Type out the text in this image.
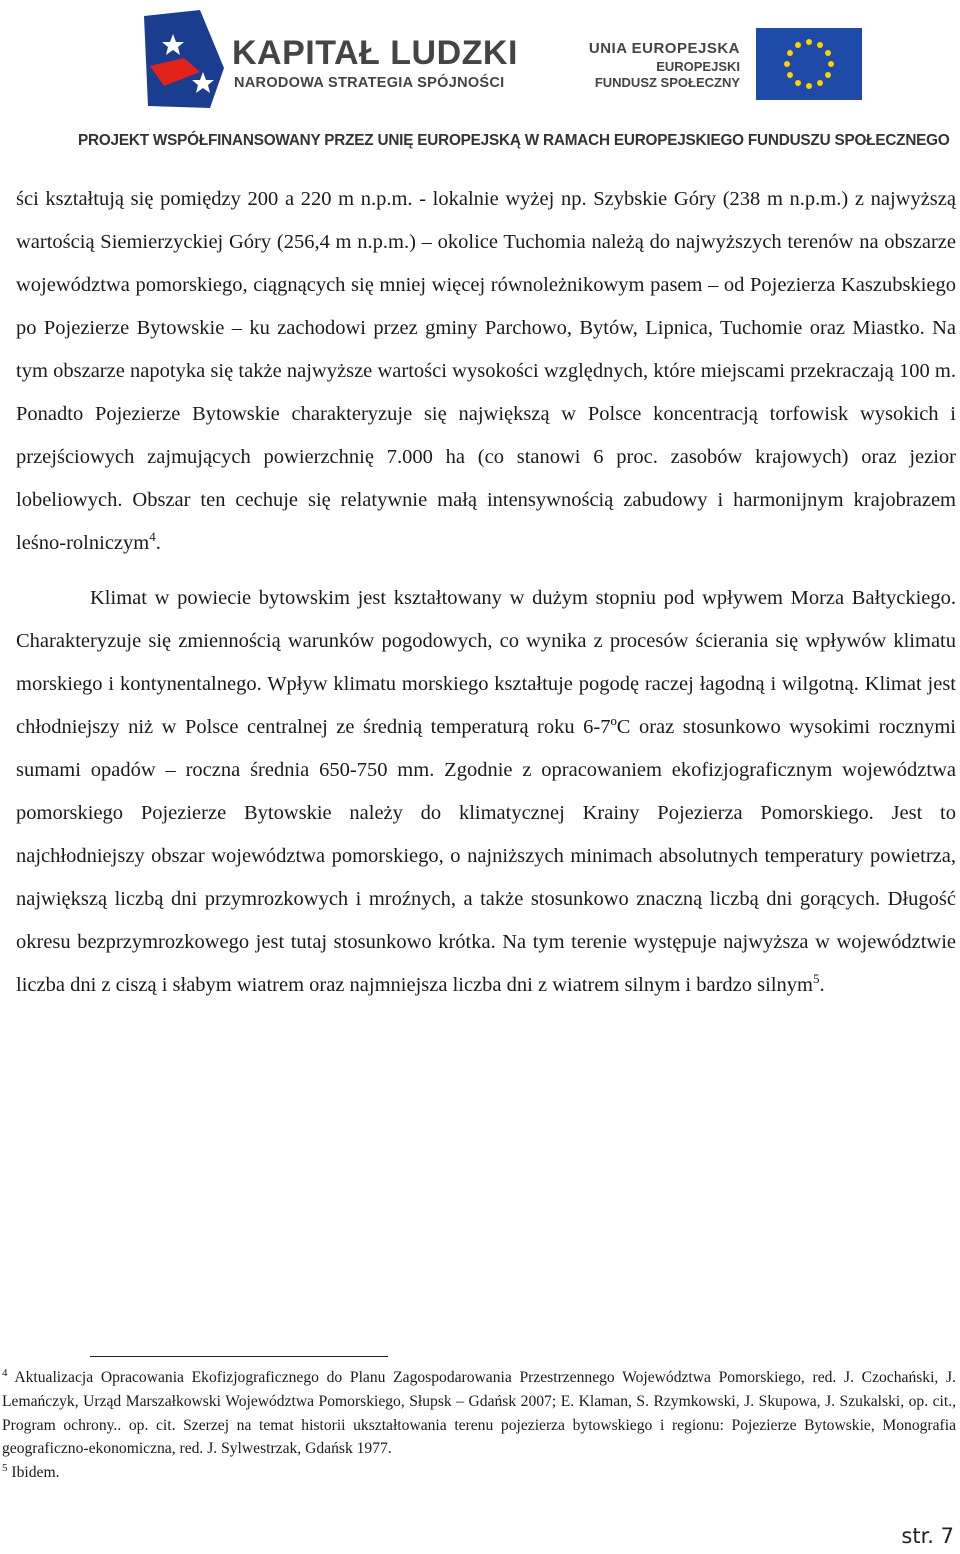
KAPITAŁ LUDZKI
NARODOWA STRATEGIA SPÓJNOŚCI
UNIA EUROPEJSKA
EUROPEJSKI
FUNDUSZ SPOŁECZNY
PROJEKT WSPÓŁFINANSOWANY PRZEZ UNIĘ EUROPEJSKĄ W RAMACH EUROPEJSKIEGO FUNDUSZU SPOŁECZNEGO

ści kształtują się pomiędzy 200 a 220 m n.p.m. - lokalnie wyżej np. Szybskie Góry (238 m n.p.m.) z najwyższą wartością Siemierzyckiej Góry (256,4 m n.p.m.) – okolice Tuchomia należą do najwyższych terenów na obszarze województwa pomorskiego, ciągnących się mniej więcej równoleżnikowym pasem – od Pojezierza Kaszubskiego po Pojezierze Bytowskie – ku zachodowi przez gminy Parchowo, Bytów, Lipnica, Tuchomie oraz Miastko. Na tym obszarze napotyka się także najwyższe wartości wysokości względnych, które miejscami przekraczają 100 m. Ponadto Pojezierze Bytowskie charakteryzuje się największą w Polsce koncentracją torfowisk wysokich i przejściowych zajmujących powierzchnię 7.000 ha (co stanowi 6 proc. zasobów krajowych) oraz jezior lobeliowych. Obszar ten cechuje się relatywnie małą intensywnością zabudowy i harmonijnym krajobrazem leśno-rolniczym$^4$.

Klimat w powiecie bytowskim jest kształtowany w dużym stopniu pod wpływem Morza Bałtyckiego. Charakteryzuje się zmiennością warunków pogodowych, co wynika z procesów ścierania się wpływów klimatu morskiego i kontynentalnego. Wpływ klimatu morskiego kształtuje pogodę raczej łagodną i wilgotną. Klimat jest chłodniejszy niż w Polsce centralnej ze średnią temperaturą roku 6-7ºC oraz stosunkowo wysokimi rocznymi sumami opadów – roczna średnia 650-750 mm. Zgodnie z opracowaniem ekofizjograficznym województwa pomorskiego Pojezierze Bytowskie należy do klimatycznej Krainy Pojezierza Pomorskiego. Jest to najchłodniejszy obszar województwa pomorskiego, o najniższych minimach absolutnych temperatury powietrza, największą liczbą dni przymrozkowych i mroźnych, a także stosunkowo znaczną liczbą dni gorących. Długość okresu bezprzymrozkowego jest tutaj stosunkowo krótka. Na tym terenie występuje najwyższa w województwie liczba dni z ciszą i słabym wiatrem oraz najmniejsza liczba dni z wiatrem silnym i bardzo silnym$^5$.

$^4$ Aktualizacja Opracowania Ekofizjograficznego do Planu Zagospodarowania Przestrzennego Województwa Pomorskiego, red. J. Czochański, J. Lemańczyk, Urząd Marszałkowski Województwa Pomorskiego, Słupsk – Gdańsk 2007; E. Klaman, S. Rzymkowski, J. Skupowa, J. Szukalski, op. cit., Program ochrony.. op. cit. Szerzej na temat historii ukształtowania terenu pojezierza bytowskiego i regionu: Pojezierze Bytowskie, Monografia geograficzno-ekonomiczna, red. J. Sylwestrzak, Gdańsk 1977.

$^5$ Ibidem.

str. 7
